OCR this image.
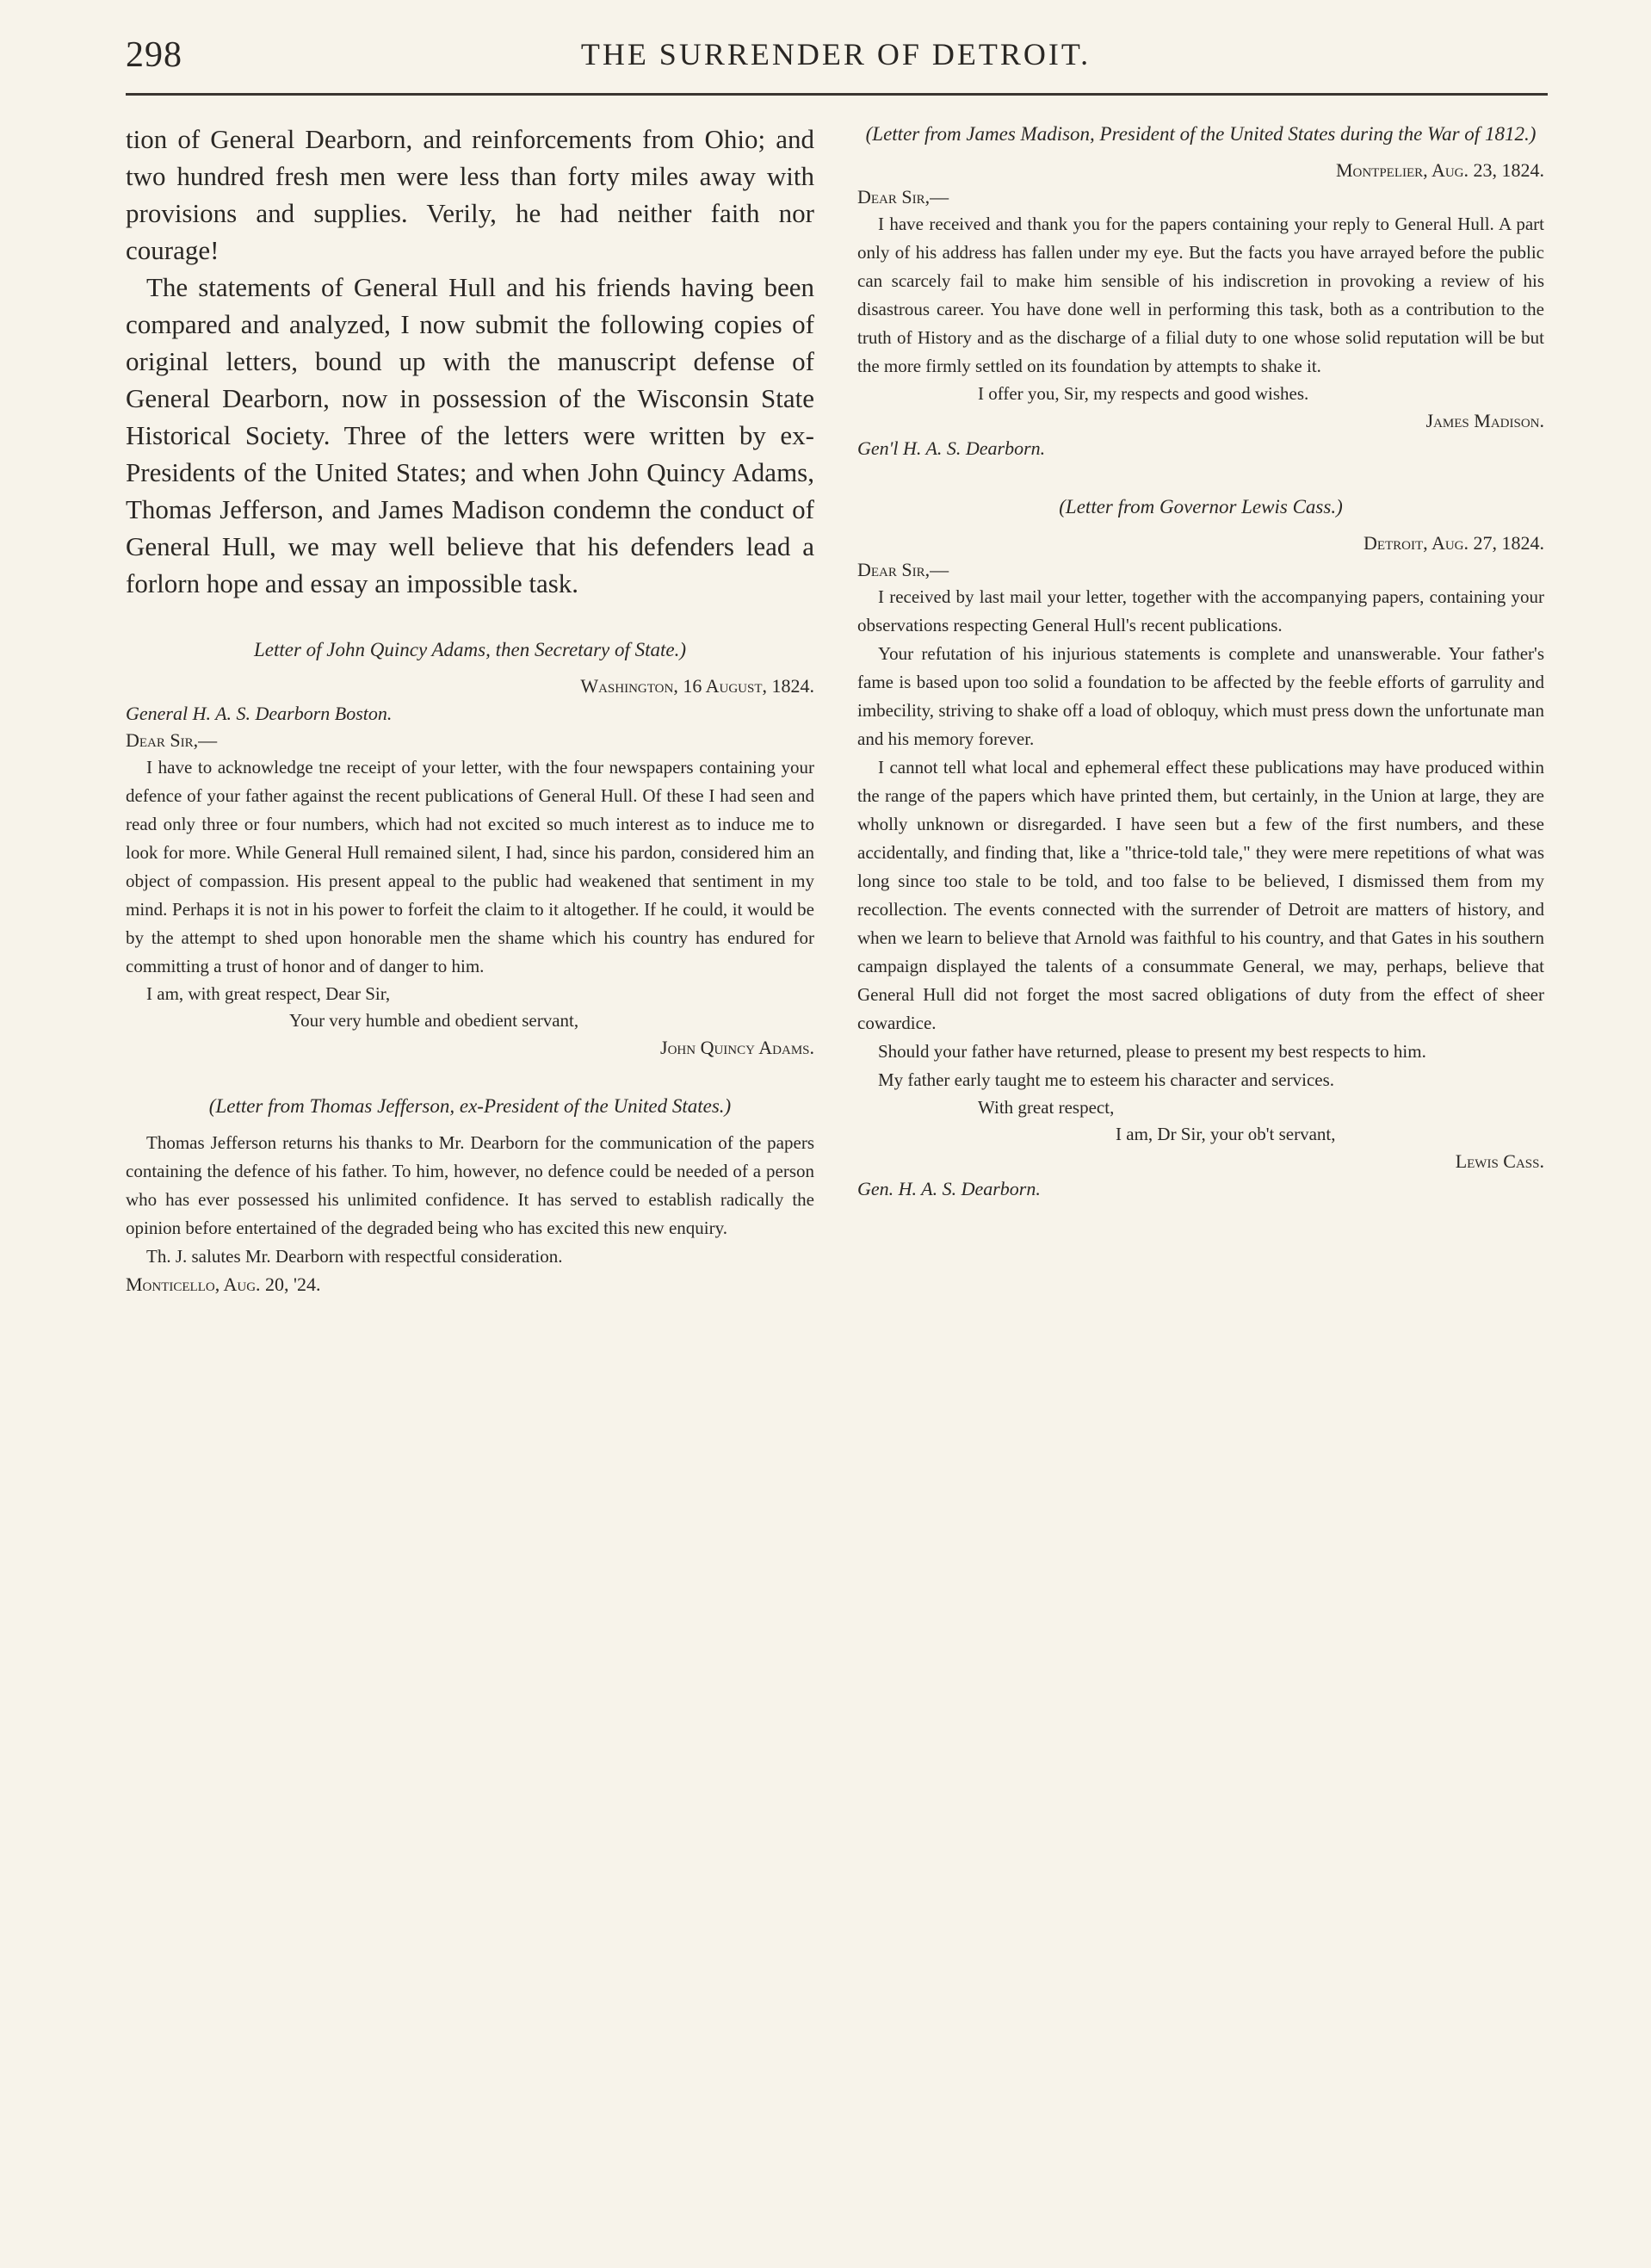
298	THE SURRENDER OF DETROIT.

tion of General Dearborn, and reinforcements from Ohio; and two hundred fresh men were less than forty miles away with provisions and supplies. Verily, he had neither faith nor courage!

The statements of General Hull and his friends having been compared and analyzed, I now submit the following copies of original letters, bound up with the manuscript defense of General Dearborn, now in possession of the Wisconsin State Historical Society. Three of the letters were written by ex-Presidents of the United States; and when John Quincy Adams, Thomas Jefferson, and James Madison condemn the conduct of General Hull, we may well believe that his defenders lead a forlorn hope and essay an impossible task.

Letter of John Quincy Adams, then Secretary of State.)

Washington, 16 August, 1824.

General H. A. S. Dearborn Boston.

Dear Sir,—

I have to acknowledge tne receipt of your letter, with the four newspapers containing your defence of your father against the recent publications of General Hull. Of these I had seen and read only three or four numbers, which had not excited so much interest as to induce me to look for more. While General Hull remained silent, I had, since his pardon, considered him an object of compassion. His present appeal to the public had weakened that sentiment in my mind. Perhaps it is not in his power to forfeit the claim to it altogether. If he could, it would be by the attempt to shed upon honorable men the shame which his country has endured for committing a trust of honor and of danger to him.

I am, with great respect, Dear Sir,

Your very humble and obedient servant,

John Quincy Adams.

(Letter from Thomas Jefferson, ex-President of the United States.)

Thomas Jefferson returns his thanks to Mr. Dearborn for the communication of the papers containing the defence of his father. To him, however, no defence could be needed of a person who has ever possessed his unlimited confidence. It has served to establish radically the opinion before entertained of the degraded being who has excited this new enquiry.

Th. J. salutes Mr. Dearborn with respectful consideration.

Monticello, Aug. 20, '24.

(Letter from James Madison, President of the United States during the War of 1812.)

Montpelier, Aug. 23, 1824.

Dear Sir,—

I have received and thank you for the papers containing your reply to General Hull. A part only of his address has fallen under my eye. But the facts you have arrayed before the public can scarcely fail to make him sensible of his indiscretion in provoking a review of his disastrous career. You have done well in performing this task, both as a contribution to the truth of History and as the discharge of a filial duty to one whose solid reputation will be but the more firmly settled on its foundation by attempts to shake it.

I offer you, Sir, my respects and good wishes.

James Madison.

Gen'l H. A. S. Dearborn.

(Letter from Governor Lewis Cass.)

Detroit, Aug. 27, 1824.

Dear Sir,—

I received by last mail your letter, together with the accompanying papers, containing your observations respecting General Hull's recent publications.

Your refutation of his injurious statements is complete and unanswerable. Your father's fame is based upon too solid a foundation to be affected by the feeble efforts of garrulity and imbecility, striving to shake off a load of obloquy, which must press down the unfortunate man and his memory forever.

I cannot tell what local and ephemeral effect these publications may have produced within the range of the papers which have printed them, but certainly, in the Union at large, they are wholly unknown or disregarded. I have seen but a few of the first numbers, and these accidentally, and finding that, like a "thrice-told tale," they were mere repetitions of what was long since too stale to be told, and too false to be believed, I dismissed them from my recollection. The events connected with the surrender of Detroit are matters of history, and when we learn to believe that Arnold was faithful to his country, and that Gates in his southern campaign displayed the talents of a consummate General, we may, perhaps, believe that General Hull did not forget the most sacred obligations of duty from the effect of sheer cowardice.

Should your father have returned, please to present my best respects to him.

My father early taught me to esteem his character and services.

With great respect,

I am, Dr Sir, your ob't servant,

Lewis Cass.

Gen. H. A. S. Dearborn.
